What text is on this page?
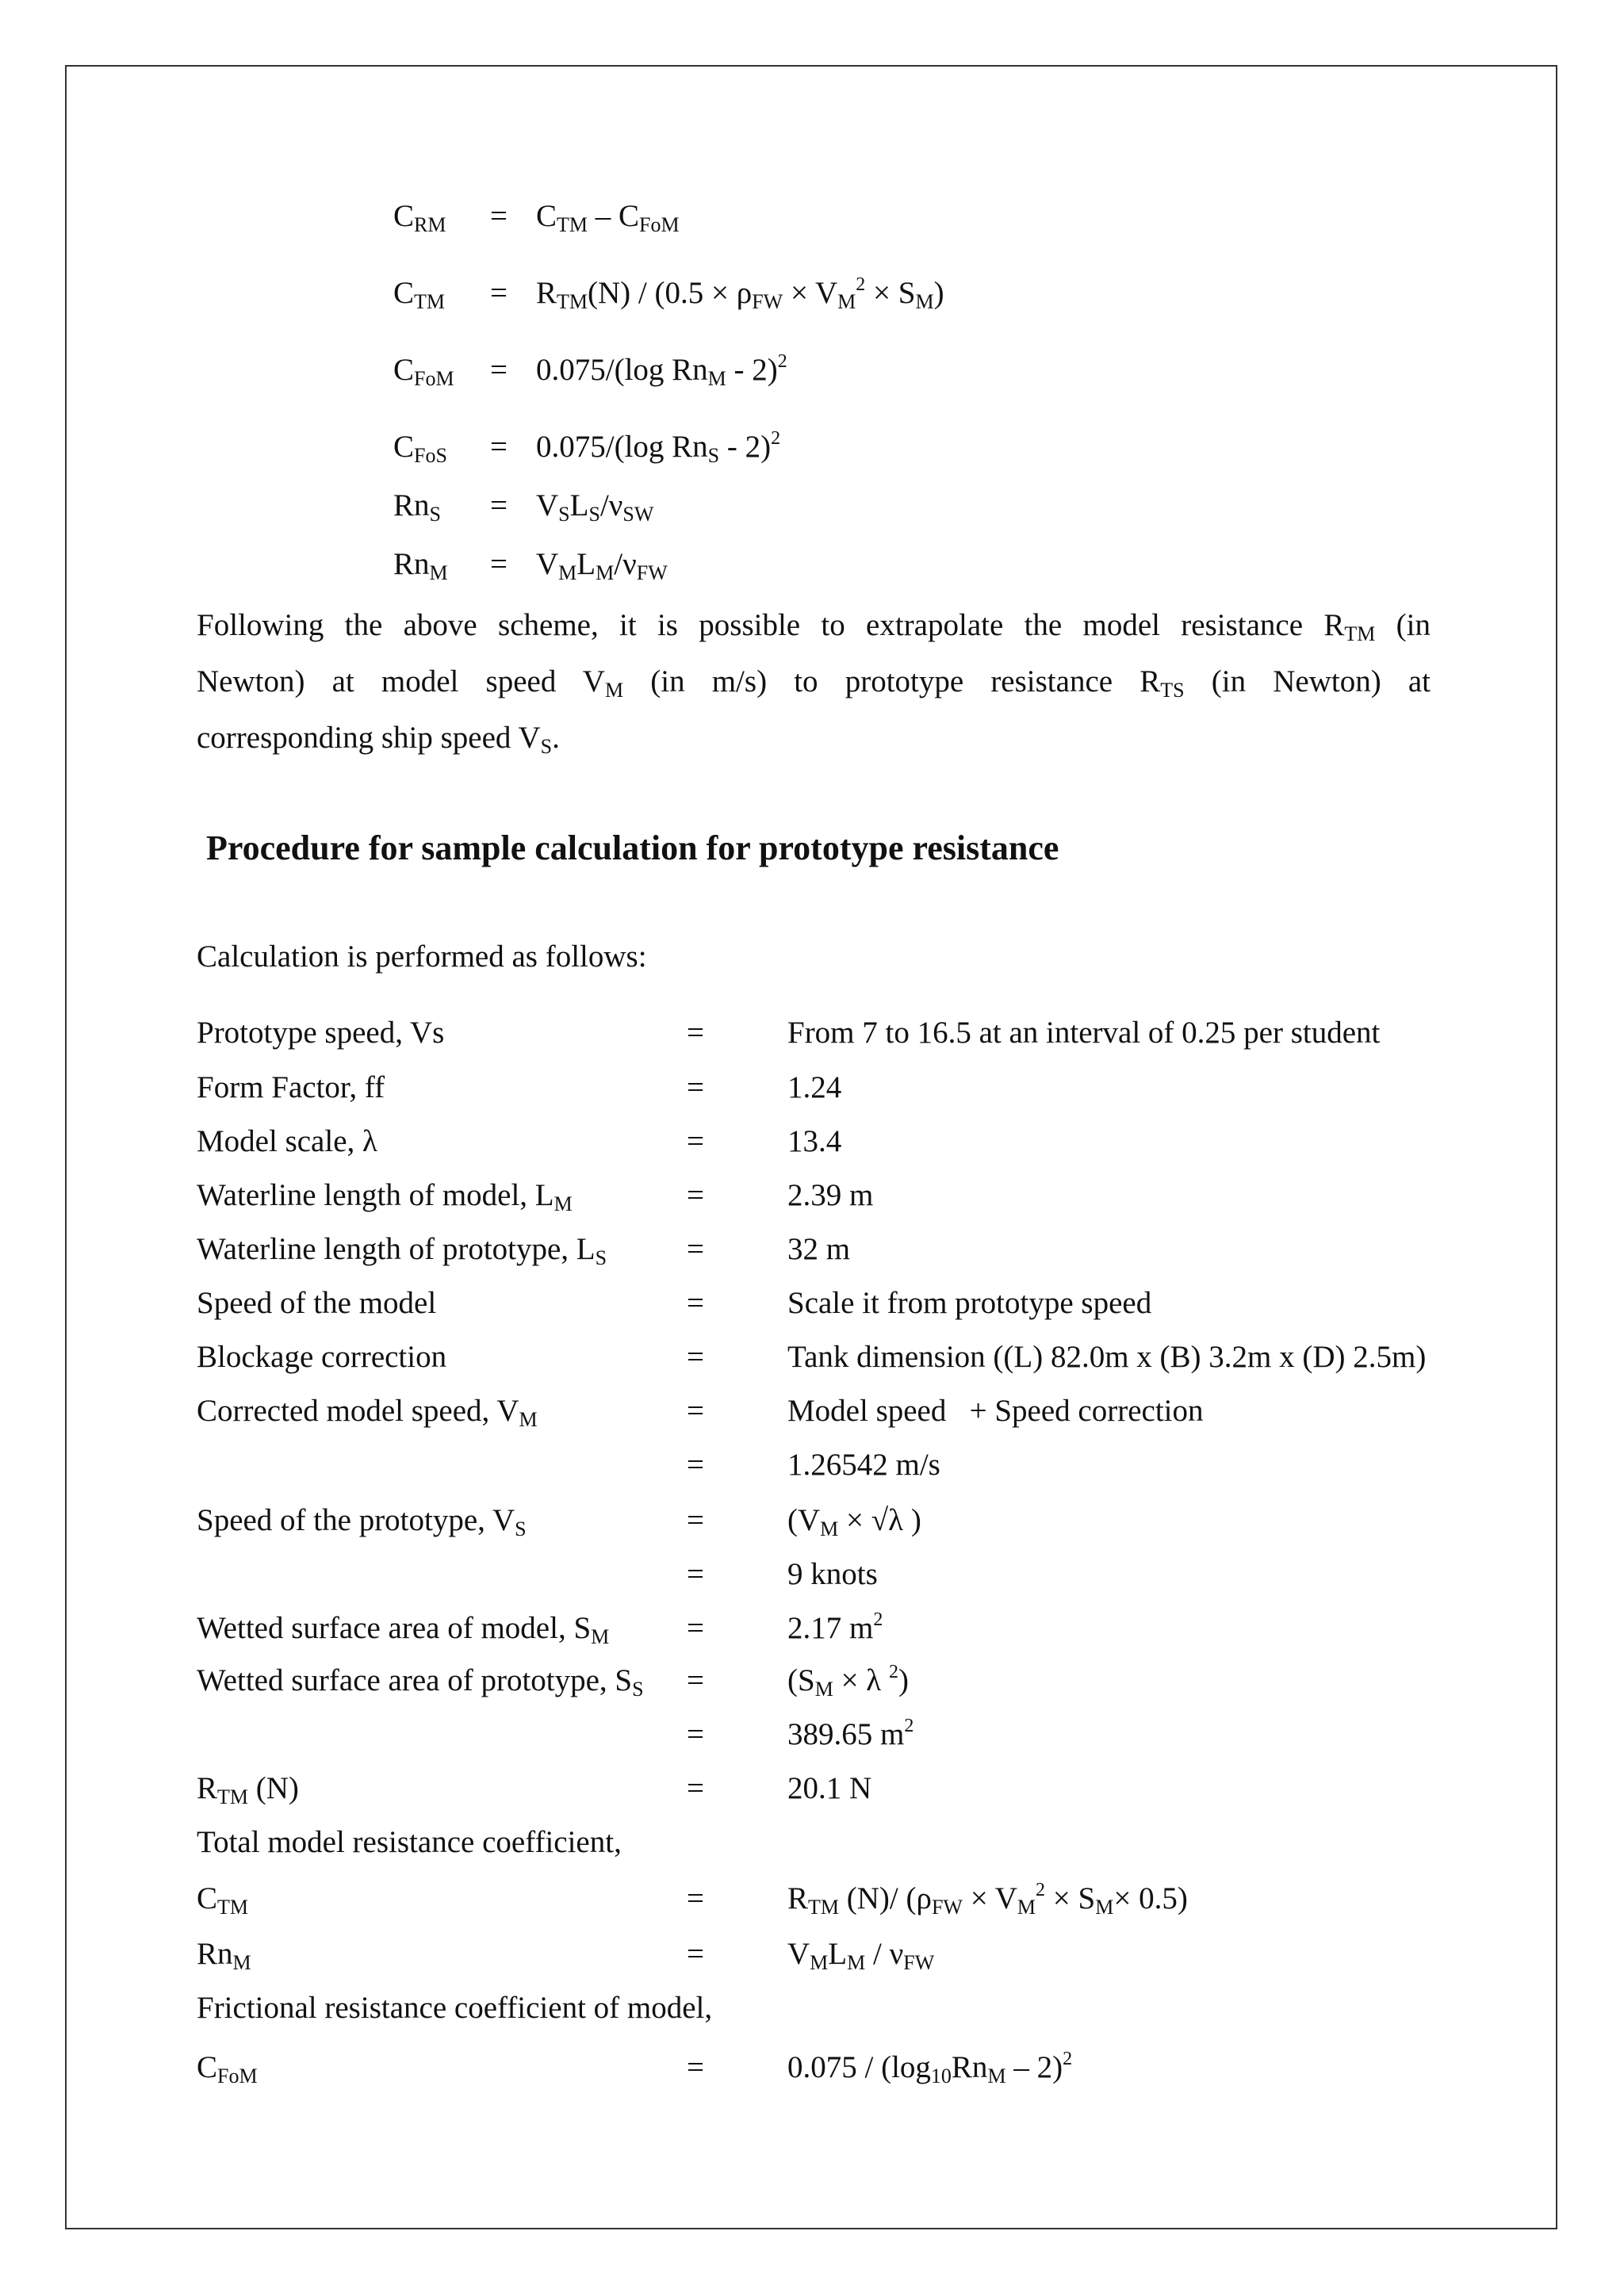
$C_{RM} = C_{TM} - C_{FoM}$
$C_{TM} = R_{TM}(N) / (0.5 \times \rho_{FW} \times V_M^2 \times S_M)$
$C_{FoM} = 0.075/(\log$ $Rn_M - 2)^2$
$C_{FoS} = 0.075/(\log$ $Rn_S - 2)^2$
$Rn_S = V_SL_S/\nu_{SW}$
$Rn_M = V_ML_M/\nu_{FW}$
Following the above scheme, it is possible to extrapolate the model resistance $R_{TM}$ (in
Newton) at model speed $V_M$ (in m/s) to prototype resistance $R_{TS}$ (in Newton) at
corresponding ship speed $V_S$.
Procedure for sample calculation for prototype resistance
Calculation is performed as follows:
Prototype speed, Vs	=	From 7 to 16.5 at an interval of 0.25 per student
Form Factor, ff	=	1.24
Model scale, λ	=	13.4
Waterline length of model, $L_M$	=	2.39 m
Waterline length of prototype, $L_S$	=	32 m
Speed of the model	=	Scale it from prototype speed
Blockage correction	=	Tank dimension ((L) 82.0m x (B) 3.2m x (D) 2.5m)
Corrected model speed, $V_M$	=	Model speed   + Speed correction
=	1.26542 m/s
Speed of the prototype, $V_S$	=	($V_M \times √\lambda$ )
=	9 knots
Wetted surface area of model, $S_M$	=	2.17 $m^2$
Wetted surface area of prototype, $S_S$ =	($S_M \times \lambda$ $^2$)
=	389.65 $m^2$
$R_{TM}$ (N)	=	20.1 N
Total model resistance coefficient,
$C_{TM}$	=	$R_{TM}$ (N)/ $(\rho_{FW} \times V_M^2 \times S_M\times 0.5)$
$Rn_M$	=	$V_ML_M / \nu_{FW}$
Frictional resistance coefficient of model,
$C_{FoM}$	=	$0.075 / (\log_{10}Rn_M - 2)^2$
